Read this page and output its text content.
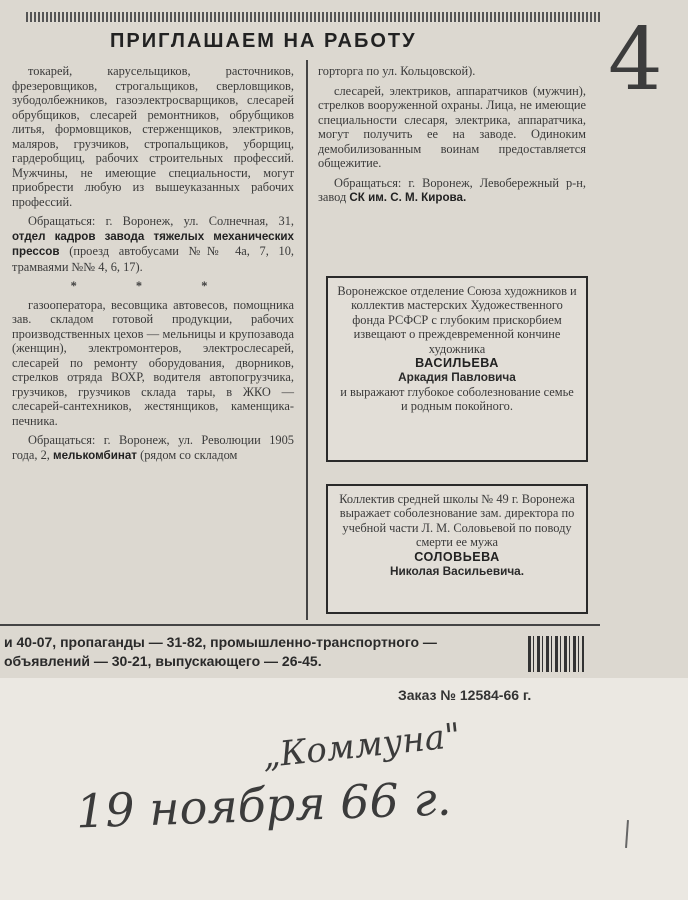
ПРИГЛАШАЕМ НА РАБОТУ

токарей, карусельщиков, расточников, фрезеровщиков, строгальщиков, сверловщиков, зубодолбежников, газоэлектросварщиков, слесарей обрубщиков, слесарей ремонтников, обрубщиков литья, формовщиков, стерженщиков, электриков, маляров, грузчиков, стропальщиков, уборщиц, гардеробщиц, рабочих строительных профессий. Мужчины, не имеющие специальности, могут приобрести любую из вышеуказанных рабочих профессий.

Обращаться: г. Воронеж, ул. Солнечная, 31, отдел кадров завода тяжелых механических прессов (проезд автобусами №№ 4а, 7, 10, трамваями №№ 4, 6, 17).

* * *

газооператора, весовщика автовесов, помощника зав. складом готовой продукции, рабочих производственных цехов — мельницы и крупозавода (женщин), электромонтеров, электрослесарей, слесарей по ремонту оборудования, дворников, стрелков отряда ВОХР, водителя автопогрузчика, грузчиков, грузчиков склада тары, в ЖКО — слесарей-сантехников, жестянщиков, каменщика-печника.

Обращаться: г. Воронеж, ул. Революции 1905 года, 2, мелькомбинат (рядом со складом

горторга по ул. Кольцовской).

слесарей, электриков, аппаратчиков (мужчин), стрелков вооруженной охраны. Лица, не имеющие специальности слесаря, электрика, аппаратчика, могут получить ее на заводе. Одиноким демобилизованным воинам предоставляется общежитие.

Обращаться: г. Воронеж, Левобережный р-н, завод СК им. С. М. Кирова.

Воронежское отделение Союза художников и коллектив мастерских Художественного фонда РСФСР с глубоким прискорбием извещают о преждевременной кончине художника

ВАСИЛЬЕВА

Аркадия Павловича

и выражают глубокое соболезнование семье и родным покойного.

Коллектив средней школы № 49 г. Воронежа выражает соболезнование зам. директора по учебной части Л. М. Соловьевой по поводу смерти ее мужа

СОЛОВЬЕВА

Николая Васильевича.

и 40-07, пропаганды — 31-82, промышленно-транспортного —
объявлений — 30-21, выпускающего — 26-45.
Заказ № 12584-66 г.
4
„Коммуна"
19 ноября 66 г.
